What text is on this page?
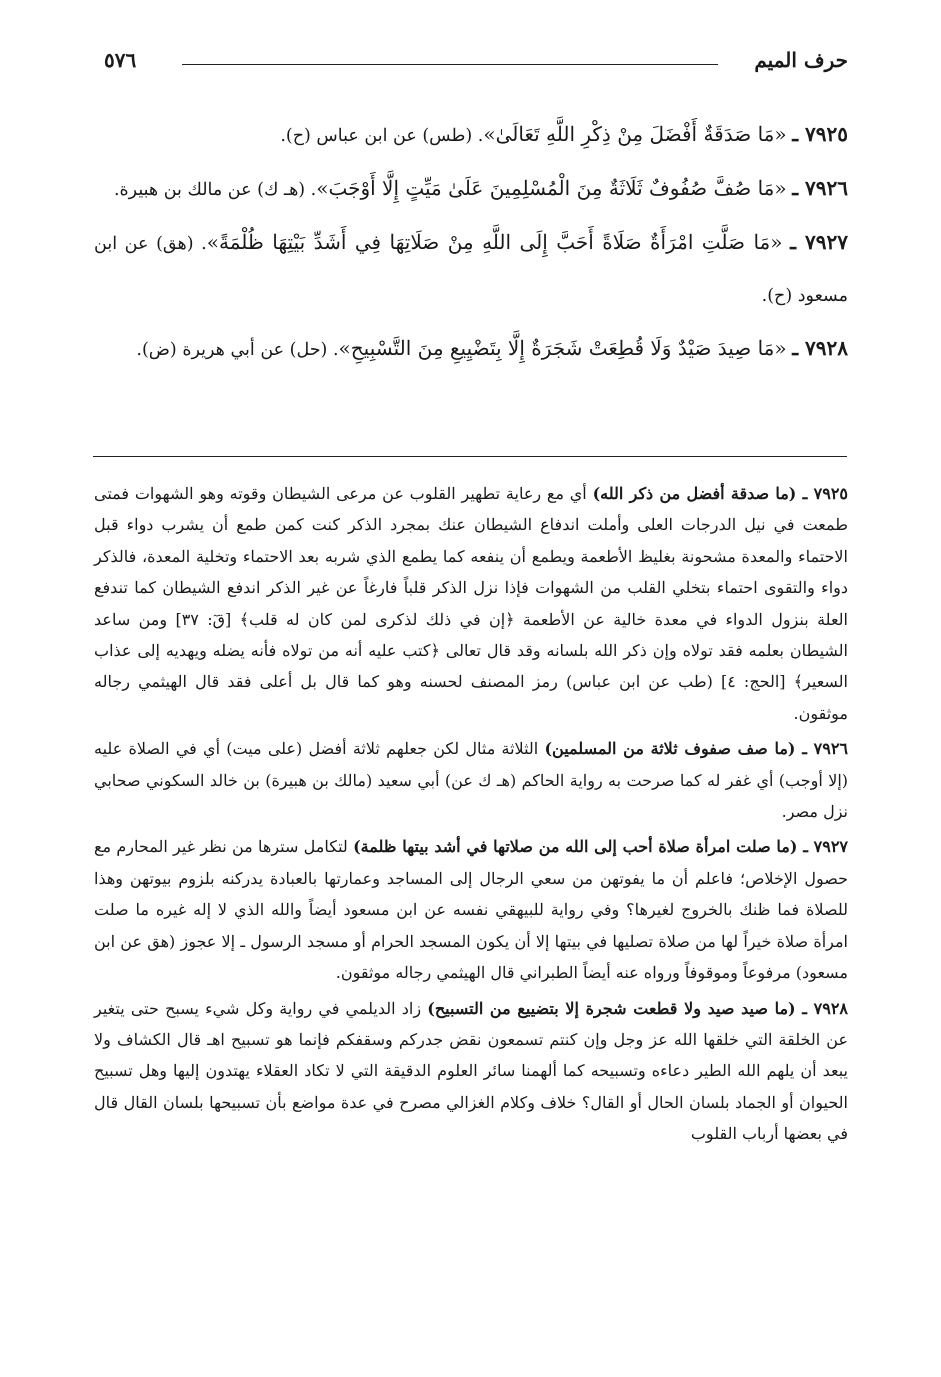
حرف الميم
٥٧٦

٧٩٢٥ ـ «مَا صَدَقَةٌ أَفْضَلَ مِنْ ذِكْرِ اللَّهِ تَعَالَىٰ». (طس) عن ابن عباس (ح).

٧٩٢٦ ـ «مَا صُفَّ صُفُوفٌ ثَلَاثَةٌ مِنَ الْمُسْلِمِينَ عَلَىٰ مَيِّتٍ إِلَّا أَوْجَبَ». (هـ ك) عن مالك بن هبيرة.

٧٩٢٧ ـ «مَا صَلَّتِ امْرَأَةٌ صَلَاةً أَحَبَّ إِلَى اللَّهِ مِنْ صَلَاتِهَا فِي أَشَدِّ بَيْتِهَا ظُلْمَةً». (هق) عن ابن مسعود (ح).

٧٩٢٨ ـ «مَا صِيدَ صَيْدٌ وَلَا قُطِعَتْ شَجَرَةٌ إِلَّا بِتَضْيِيعِ مِنَ التَّسْبِيحِ». (حل) عن أبي هريرة (ض).

٧٩٢٥ ـ (ما صدقة أفضل من ذكر الله) أي مع رعاية تطهير القلوب عن مرعى الشيطان وقوته وهو الشهوات فمتى طمعت في نيل الدرجات العلى وأملت اندفاع الشيطان عنك بمجرد الذكر كنت كمن طمع أن يشرب دواء قبل الاحتماء والمعدة مشحونة بغليظ الأطعمة ويطمع أن ينفعه كما يطمع الذي شربه بعد الاحتماء وتخلية المعدة، فالذكر دواء والتقوى احتماء بتخلي القلب من الشهوات فإذا نزل الذكر قلباً فارغاً عن غير الذكر اندفع الشيطان كما تندفع العلة بنزول الدواء في معدة خالية عن الأطعمة ﴿إن في ذلك لذكرى لمن كان له قلب﴾ [قٓ: ٣٧] ومن ساعد الشيطان بعلمه فقد تولاه وإن ذكر الله بلسانه وقد قال تعالى ﴿كتب عليه أنه من تولاه فأنه يضله ويهديه إلى عذاب السعير﴾ [الحج: ٤] (طب عن ابن عباس) رمز المصنف لحسنه وهو كما قال بل أعلى فقد قال الهيثمي رجاله موثقون.

٧٩٢٦ ـ (ما صف صفوف ثلاثة من المسلمين) الثلاثة مثال لكن جعلهم ثلاثة أفضل (على ميت) أي في الصلاة عليه (إلا أوجب) أي غفر له كما صرحت به رواية الحاكم (هـ ك عن) أبي سعيد (مالك بن هبيرة) بن خالد السكوني صحابي نزل مصر.

٧٩٢٧ ـ (ما صلت امرأة صلاة أحب إلى الله من صلاتها في أشد بيتها ظلمة) لتكامل سترها من نظر غير المحارم مع حصول الإخلاص؛ فاعلم أن ما يفوتهن من سعي الرجال إلى المساجد وعمارتها بالعبادة يدركنه بلزوم بيوتهن وهذا للصلاة فما ظنك بالخروج لغيرها؟ وفي رواية للبيهقي نفسه عن ابن مسعود أيضاً والله الذي لا إله غيره ما صلت امرأة صلاة خيراً لها من صلاة تصليها في بيتها إلا أن يكون المسجد الحرام أو مسجد الرسول ـ إلا عجوز (هق عن ابن مسعود) مرفوعاً وموقوفاً ورواه عنه أيضاً الطبراني قال الهيثمي رجاله موثقون.

٧٩٢٨ ـ (ما صيد صيد ولا قطعت شجرة إلا بتضييع من التسبيح) زاد الديلمي في رواية وكل شيء يسبح حتى يتغير عن الخلقة التي خلقها الله عز وجل وإن كنتم تسمعون نقض جدركم وسقفكم فإنما هو تسبيح اهـ قال الكشاف ولا يبعد أن يلهم الله الطير دعاءه وتسبيحه كما ألهمنا سائر العلوم الدقيقة التي لا تكاد العقلاء يهتدون إليها وهل تسبيح الحيوان أو الجماد بلسان الحال أو القال؟ خلاف وكلام الغزالي مصرح في عدة مواضع بأن تسبيحها بلسان القال قال في بعضها أرباب القلوب
